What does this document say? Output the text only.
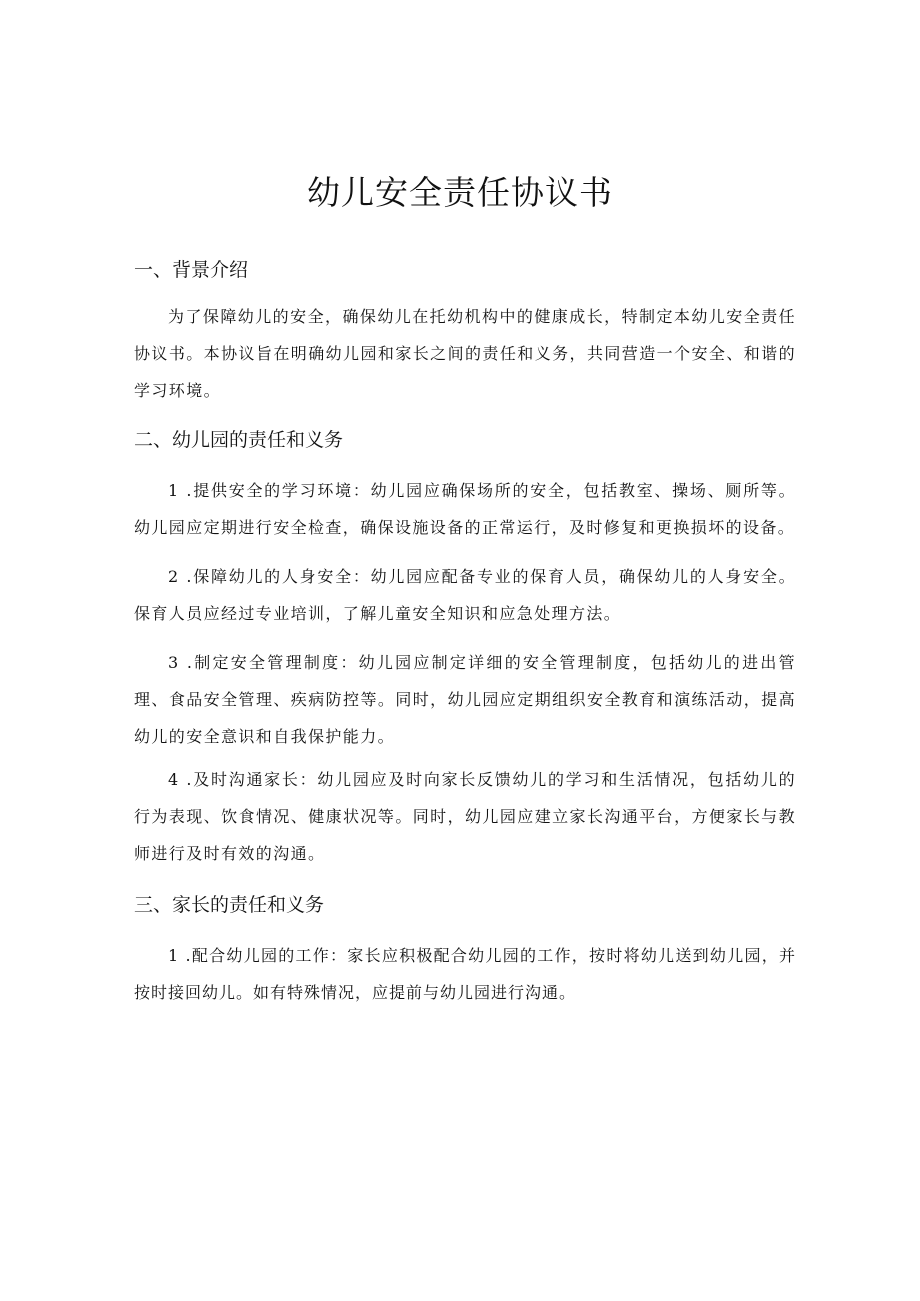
幼儿安全责任协议书
一、背景介绍

为了保障幼儿的安全，确保幼儿在托幼机构中的健康成长，特制定本幼儿安全责任协议书。本协议旨在明确幼儿园和家长之间的责任和义务，共同营造一个安全、和谐的学习环境。

二、幼儿园的责任和义务

1 .提供安全的学习环境：幼儿园应确保场所的安全，包括教室、操场、厕所等。幼儿园应定期进行安全检查，确保设施设备的正常运行，及时修复和更换损坏的设备。

2 .保障幼儿的人身安全：幼儿园应配备专业的保育人员，确保幼儿的人身安全。保育人员应经过专业培训，了解儿童安全知识和应急处理方法。

3 .制定安全管理制度：幼儿园应制定详细的安全管理制度，包括幼儿的进出管理、食品安全管理、疾病防控等。同时，幼儿园应定期组织安全教育和演练活动，提高幼儿的安全意识和自我保护能力。

4 .及时沟通家长：幼儿园应及时向家长反馈幼儿的学习和生活情况，包括幼儿的行为表现、饮食情况、健康状况等。同时，幼儿园应建立家长沟通平台，方便家长与教师进行及时有效的沟通。

三、家长的责任和义务

1 .配合幼儿园的工作：家长应积极配合幼儿园的工作，按时将幼儿送到幼儿园，并按时接回幼儿。如有特殊情况，应提前与幼儿园进行沟通。
